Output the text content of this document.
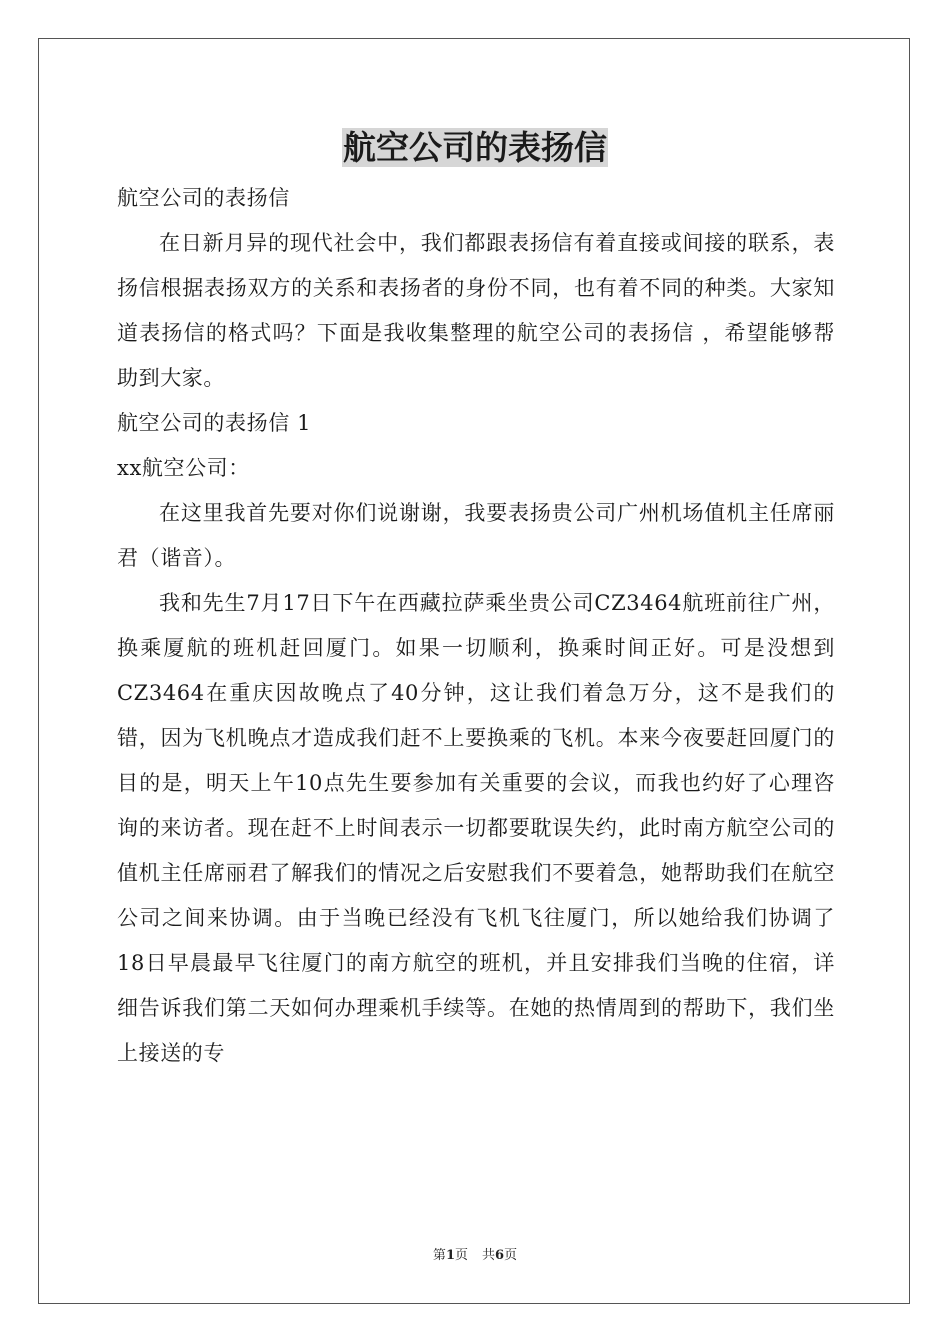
航空公司的表扬信

航空公司的表扬信

在日新月异的现代社会中，我们都跟表扬信有着直接或间接的联系，表扬信根据表扬双方的关系和表扬者的身份不同，也有着不同的种类。大家知道表扬信的格式吗？下面是我收集整理的航空公司的表扬信 ，希望能够帮助到大家。

航空公司的表扬信 1

xx航空公司：

在这里我首先要对你们说谢谢，我要表扬贵公司广州机场值机主任席丽君（谐音）。

我和先生7月17日下午在西藏拉萨乘坐贵公司CZ3464航班前往广州，换乘厦航的班机赶回厦门。如果一切顺利，换乘时间正好。可是没想到CZ3464在重庆因故晚点了40分钟，这让我们着急万分，这不是我们的错，因为飞机晚点才造成我们赶不上要换乘的飞机。本来今夜要赶回厦门的目的是，明天上午10点先生要参加有关重要的会议，而我也约好了心理咨询的来访者。现在赶不上时间表示一切都要耽误失约，此时南方航空公司的值机主任席丽君了解我们的情况之后安慰我们不要着急，她帮助我们在航空公司之间来协调。由于当晚已经没有飞机飞往厦门，所以她给我们协调了18日早晨最早飞往厦门的南方航空的班机，并且安排我们当晚的住宿，详细告诉我们第二天如何办理乘机手续等。在她的热情周到的帮助下，我们坐上接送的专

第1页 共6页
